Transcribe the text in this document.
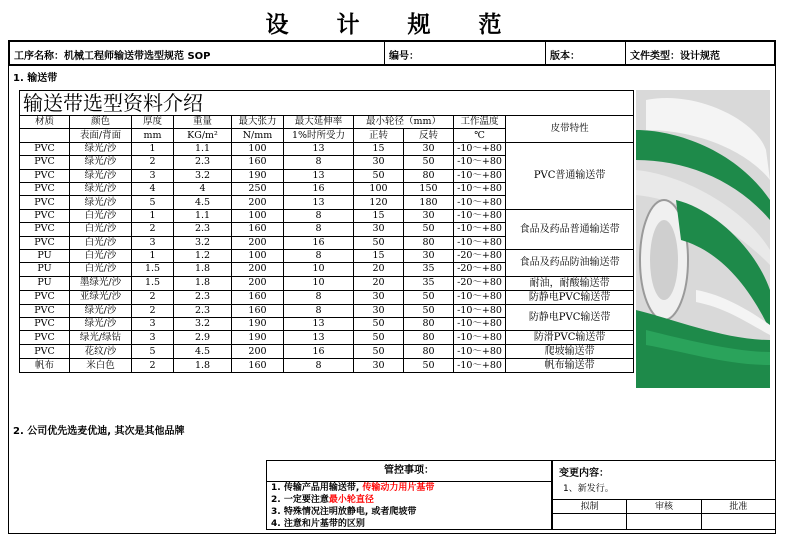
设 计 规 范
工序名称：机械工程师输送带选型规范 SOP	编号：	版本：	文件类型：设计规范
1. 输送带
输送带选型资料介绍									
材质	颜色	厚度	重量	最大张力	最大延伸率	最小轮径（mm）		工作温度	皮带特性
	表面/背面	mm	KG/m²	N/mm	1%时所受力	正转	反转	℃	
PVC	绿光/沙	1	1.1	100	13	15	30	-10～+80	PVC普通输送带
PVC	绿光/沙	2	2.3	160	8	30	50	-10～+80	
PVC	绿光/沙	3	3.2	190	13	50	80	-10～+80	
PVC	绿光/沙	4	4	250	16	100	150	-10～+80	
PVC	绿光/沙	5	4.5	200	13	120	180	-10～+80	
PVC	白光/沙	1	1.1	100	8	15	30	-10～+80	食品及药品普通输送带
PVC	白光/沙	2	2.3	160	8	30	50	-10～+80	
PVC	白光/沙	3	3.2	200	16	50	80	-10～+80	
PU	白光/沙	1	1.2	100	8	15	30	-20～+80	食品及药品防油输送带
PU	白光/沙	1.5	1.8	200	10	20	35	-20～+80	
PU	墨绿光/沙	1.5	1.8	200	10	20	35	-20～+80	耐油，耐酸输送带
PVC	亚绿光/沙	2	2.3	160	8	30	50	-10～+80	防静电PVC输送带
PVC	绿光/沙	2	2.3	160	8	30	50	-10～+80	防静电PVC输送带
PVC	绿光/沙	3	3.2	190	13	50	80	-10～+80	
PVC	绿光/绿钻	3	2.9	190	13	50	80	-10～+80	防滑PVC输送带
PVC	花纹/沙	5	4.5	200	16	50	80	-10～+80	爬坡输送带
帆布	米白色	2	1.8	160	8	30	50	-10～+80	帆布输送带
2. 公司优先选麦优迪, 其次是其他品牌
管控事项：
1. 传输产品用输送带, 传输动力用片基带
2. 一定要注意最小轮直径
3. 特殊情况注明放静电, 或者爬坡带
4. 注意和片基带的区别
变更内容：
1、新发行。
拟制	审核	批准
